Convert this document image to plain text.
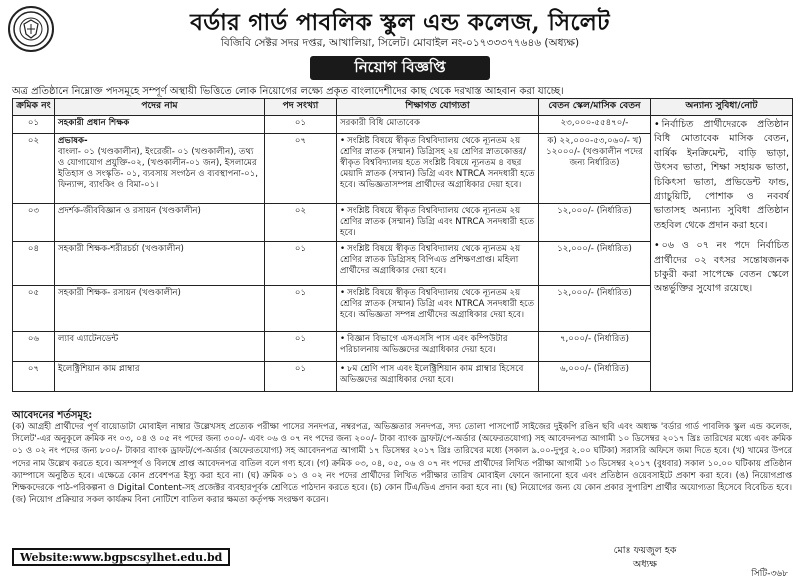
বর্ডার গার্ড পাবলিক স্কুল এন্ড কলেজ, সিলেট
বিজিবি সেক্টর সদর দপ্তর, আখালিয়া, সিলেট। মোবাইল নং-০১৭৩৩৩৭৭৬৪৬ (অধ্যক্ষ)
নিয়োগ বিজ্ঞপ্তি
অত্র প্রতিষ্ঠানে নিম্নোক্ত পদসমূহে সম্পূর্ণ অস্থায়ী ভিত্তিতে লোক নিয়োগের লক্ষ্যে প্রকৃত বাংলাদেশীদের কাছ থেকে দরখাস্ত আহবান করা যাচ্ছে।
ক্রমিক নং	পদের নাম	পদ সংখ্যা	শিক্ষাগত যোগ্যতা	বেতন স্কেল/মাসিক বেতন	অন্যান্য সুবিধা/নোট
০১	সহকারী প্রধান শিক্ষক	০১	সরকারী বিধি মোতাবেক	২৩,০০০-৫৫৪৭০/-	• নির্বাচিত প্রার্থীদেরকে প্রতিষ্ঠান বিধি মোতাবেক মাসিক বেতন, বার্ষিক ইনক্রিমেন্ট, বাড়ি ভাড়া, উৎসব ভাতা, শিক্ষা সহায়ক ভাতা, চিকিৎসা ভাতা, প্রভিডেন্ট ফান্ড, গ্র্যাচুয়িটি, পোশাক ও নববর্ষ ভাতাসহ অন্যান্য সুবিধা প্রতিষ্ঠান তহবিল থেকে প্রদান করা হবে।

• ০৬ ও ০৭ নং পদে নির্বাচিত প্রার্থীদের ০২ বৎসর সন্তোষজনক চাকুরী করা সাপেক্ষে বেতন স্কেলে অন্তর্ভুক্তির সুযোগ রয়েছে।

০২	প্রভাষক-
বাংলা- ০১ (খণ্ডকালীন), ইংরেজী- ০১ (খণ্ডকালীন), তথ্য ও যোগাযোগ প্রযুক্তি-০২, (খণ্ডকালীন-০১ জন), ইসলামের ইতিহাস ও সংস্কৃতি- ০১, ব্যবসায় সংগঠন ও ব্যবস্থাপনা-০১, ফিন্যান্স, ব্যাংকিং ও বিমা-০১।	০৭	• সংশ্লিষ্ট বিষয়ে স্বীকৃত বিশ্ববিদ্যালয় থেকে ন্যূনতম ২য় শ্রেণির স্নাতক (সম্মান) ডিগ্রিসহ ২য় শ্রেণির স্নাতকোত্তর/স্বীকৃত বিশ্ববিদ্যালয় হতে সংশ্লিষ্ট বিষয়ে ন্যূনতম ৪ বছর মেয়াদি স্নাতক (সম্মান) ডিগ্রি এবং NTRCA সনদধারী হতে হবে। অভিজ্ঞতাসম্পন্ন প্রার্থীদের অগ্রাধিকার দেয়া হবে।	ক) ২২,০০০-৫৩,০৬০/- খ) ১২০০০/- (খণ্ডকালীন পদের জন্য নির্ধারিত)	
০৩	প্রদর্শক-জীববিজ্ঞান ও রসায়ন (খণ্ডকালীন)	০২	• সংশ্লিষ্ট বিষয়ে স্বীকৃত বিশ্ববিদ্যালয় থেকে ন্যূনতম ২য় শ্রেণির স্নাতক (সম্মান) ডিগ্রি এবং NTRCA সনদধারী হতে হবে।	১২,০০০/- (নির্ধারিত)	
০৪	সহকারী শিক্ষক-শরীরচর্চা (খণ্ডকালীন)	০১	• সংশ্লিষ্ট বিষয়ে স্বীকৃত বিশ্ববিদ্যালয় থেকে ন্যূনতম ২য় শ্রেণির স্নাতক ডিগ্রিসহ বিপিএড প্রশিক্ষণপ্রাপ্ত। মহিলা প্রার্থীদের অগ্রাধিকার দেয়া হবে।	১২,০০০/- (নির্ধারিত)	
০৫	সহকারী শিক্ষক- রসায়ন (খণ্ডকালীন)	০১	• সংশ্লিষ্ট বিষয়ে স্বীকৃত বিশ্ববিদ্যালয় থেকে ন্যূনতম ২য় শ্রেণির স্নাতক (সম্মান) ডিগ্রি এবং NTRCA সনদধারী হতে হবে। অভিজ্ঞতা সম্পন্ন প্রার্থীদের অগ্রাধিকার দেয়া হবে।	১২,০০০/- (নির্ধারিত)	
০৬	ল্যাব এ্যাটেনডেন্ট	০১	• বিজ্ঞান বিভাগে এসএসসি পাস এবং কম্পিউটার পরিচালনায় অভিজ্ঞদের অগ্রাধিকার দেয়া হবে।	৭,০০০/- (নির্ধারিত)	
০৭	ইলেক্ট্রিশিয়ান কাম প্লাম্বার	০১	• ৮ম শ্রেণি পাস এবং ইলেক্ট্রিশিয়ান কাম প্লাম্বার হিসেবে অভিজ্ঞদের অগ্রাধিকার দেয়া হবে।	৬,০০০/- (নির্ধারিত)	
আবেদনের শর্তসমূহ:
(ক) আগ্রহী প্রার্থীদের পূর্ণ বায়োডাটা মোবাইল নাম্বার উল্লেখসহ প্রত্যেক পরীক্ষা পাসের সনদপত্র, নম্বরপত্র, অভিজ্ঞতার সনদপত্র, সদ্য তোলা পাসপোর্ট সাইজের দুইকপি রঙিন ছবি এবং অধ্যক্ষ 'বর্ডার গার্ড পাবলিক স্কুল এন্ড কলেজ, সিলেট'-এর অনুকূলে ক্রমিক নং ০৩, ০৪ ও ০৫ নং পদের জন্য ৩০০/- এবং ০৬ ও ০৭ নং পদের জন্য ২০০/- টাকা ব্যাংক ড্রাফট/পে-অর্ডার (অফেরতযোগ্য) সহ আবেদনপত্র আগামী ১০ ডিসেম্বর ২০১৭ খ্রিঃ তারিখের মধ্যে এবং ক্রমিক ০১ ও ০২ নং পদের জন্য ৮০০/- টাকার ব্যাংক ড্রাফট/পে-অর্ডার (অফেরতযোগ্য) সহ আবেদনপত্র আগামী ১৭ ডিসেম্বর ২০১৭ খ্রিঃ তারিখের মধ্যে (সকাল ৯.০০-দুপুর ২.০০ ঘটিকা) সরাসরি অফিসে জমা দিতে হবে। (খ) খামের উপরে পদের নাম উল্লেখ করতে হবে। অসম্পূর্ণ ও বিলম্বে প্রাপ্ত আবেদনপত্র বাতিল বলে গণ্য হবে। (গ) ক্রমিক ০৩, ০৪, ০৫, ০৬ ও ০৭ নং পদের প্রার্থীদের লিখিত পরীক্ষা আগামী ১৩ ডিসেম্বর ২০১৭ (বুধবার) সকাল ১০.০০ ঘটিকায় প্রতিষ্ঠান ক্যাম্পাসে অনুষ্ঠিত হবে। এক্ষেত্রে কোন প্রবেশপত্র ইস্যু করা হবে না। (ঘ) ক্রমিক ০১ ও ০২ নং পদের প্রার্থীদের লিখিত পরীক্ষার তারিখ মোবাইল ফোনে জানানো হবে এবং প্রতিষ্ঠান ওয়েবসাইটে প্রকাশ করা হবে। (ঙ) নিয়োগপ্রাপ্ত শিক্ষকদেরকে পাঠ-পরিকল্পনা ও Digital Content-সহ প্রজেক্টর ব্যবহারপূর্বক শ্রেণিতে পাঠদান করতে হবে। (চ) কোন টিএ/ডিএ প্রদান করা হবে না। (ছ) নিয়োগের জন্য যে কোন প্রকার সুপারিশ প্রার্থীর অযোগ্যতা হিসেবে বিবেচিত হবে। (জ) নিয়োগ প্রক্রিয়ার সকল কার্যক্রম বিনা নোটিশে বাতিল করার ক্ষমতা কর্তৃপক্ষ সংরক্ষণ করেন।
Website:www.bgpscsylhet.edu.bd	মোঃ ফয়জুল হক
অধ্যক্ষ
সিটি-৩৬৮
